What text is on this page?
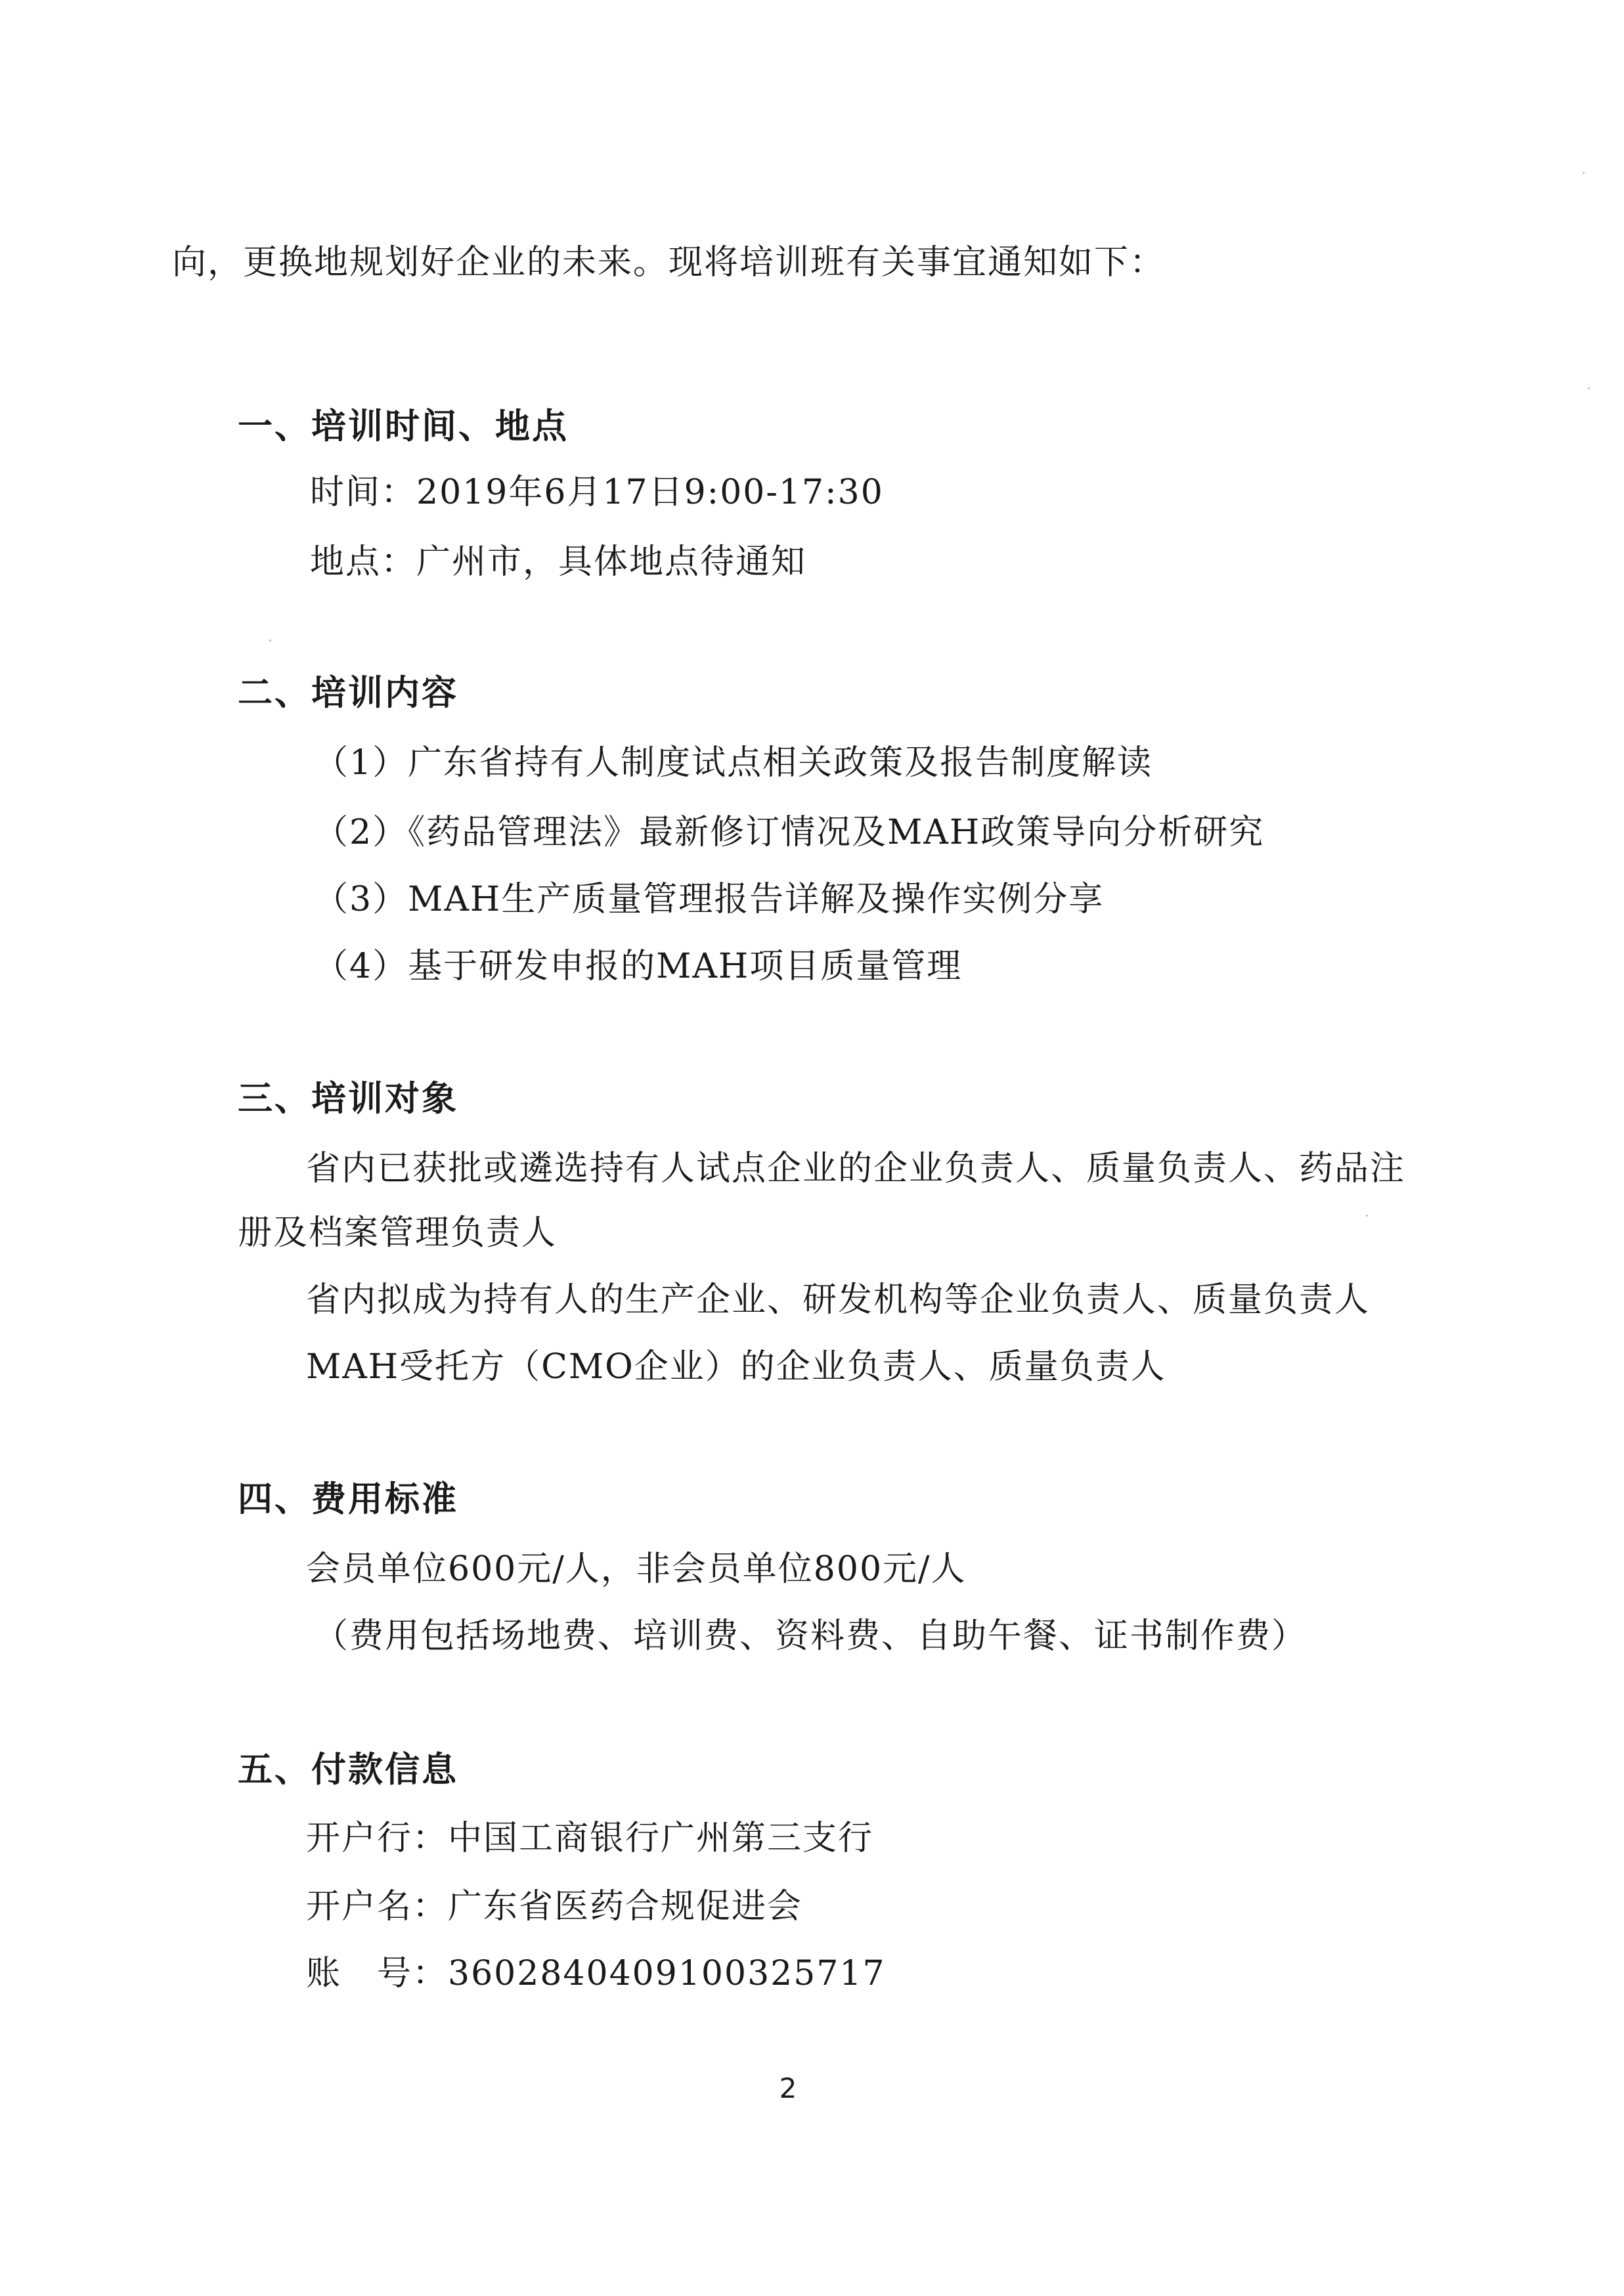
向，更换地规划好企业的未来。现将培训班有关事宜通知如下：
一、培训时间、地点
时间：2019年6月17日9:00-17:30
地点：广州市，具体地点待通知
二、培训内容
（1）广东省持有人制度试点相关政策及报告制度解读
（2）《药品管理法》最新修订情况及MAH政策导向分析研究
（3）MAH生产质量管理报告详解及操作实例分享
（4）基于研发申报的MAH项目质量管理
三、培训对象
省内已获批或遴选持有人试点企业的企业负责人、质量负责人、药品注
册及档案管理负责人
省内拟成为持有人的生产企业、研发机构等企业负责人、质量负责人
MAH受托方（CMO企业）的企业负责人、质量负责人
四、费用标准
会员单位600元/人，非会员单位800元/人
（费用包括场地费、培训费、资料费、自助午餐、证书制作费）
五、付款信息
开户行：中国工商银行广州第三支行
开户名：广东省医药合规促进会
账　号：3602840409100325717
2
